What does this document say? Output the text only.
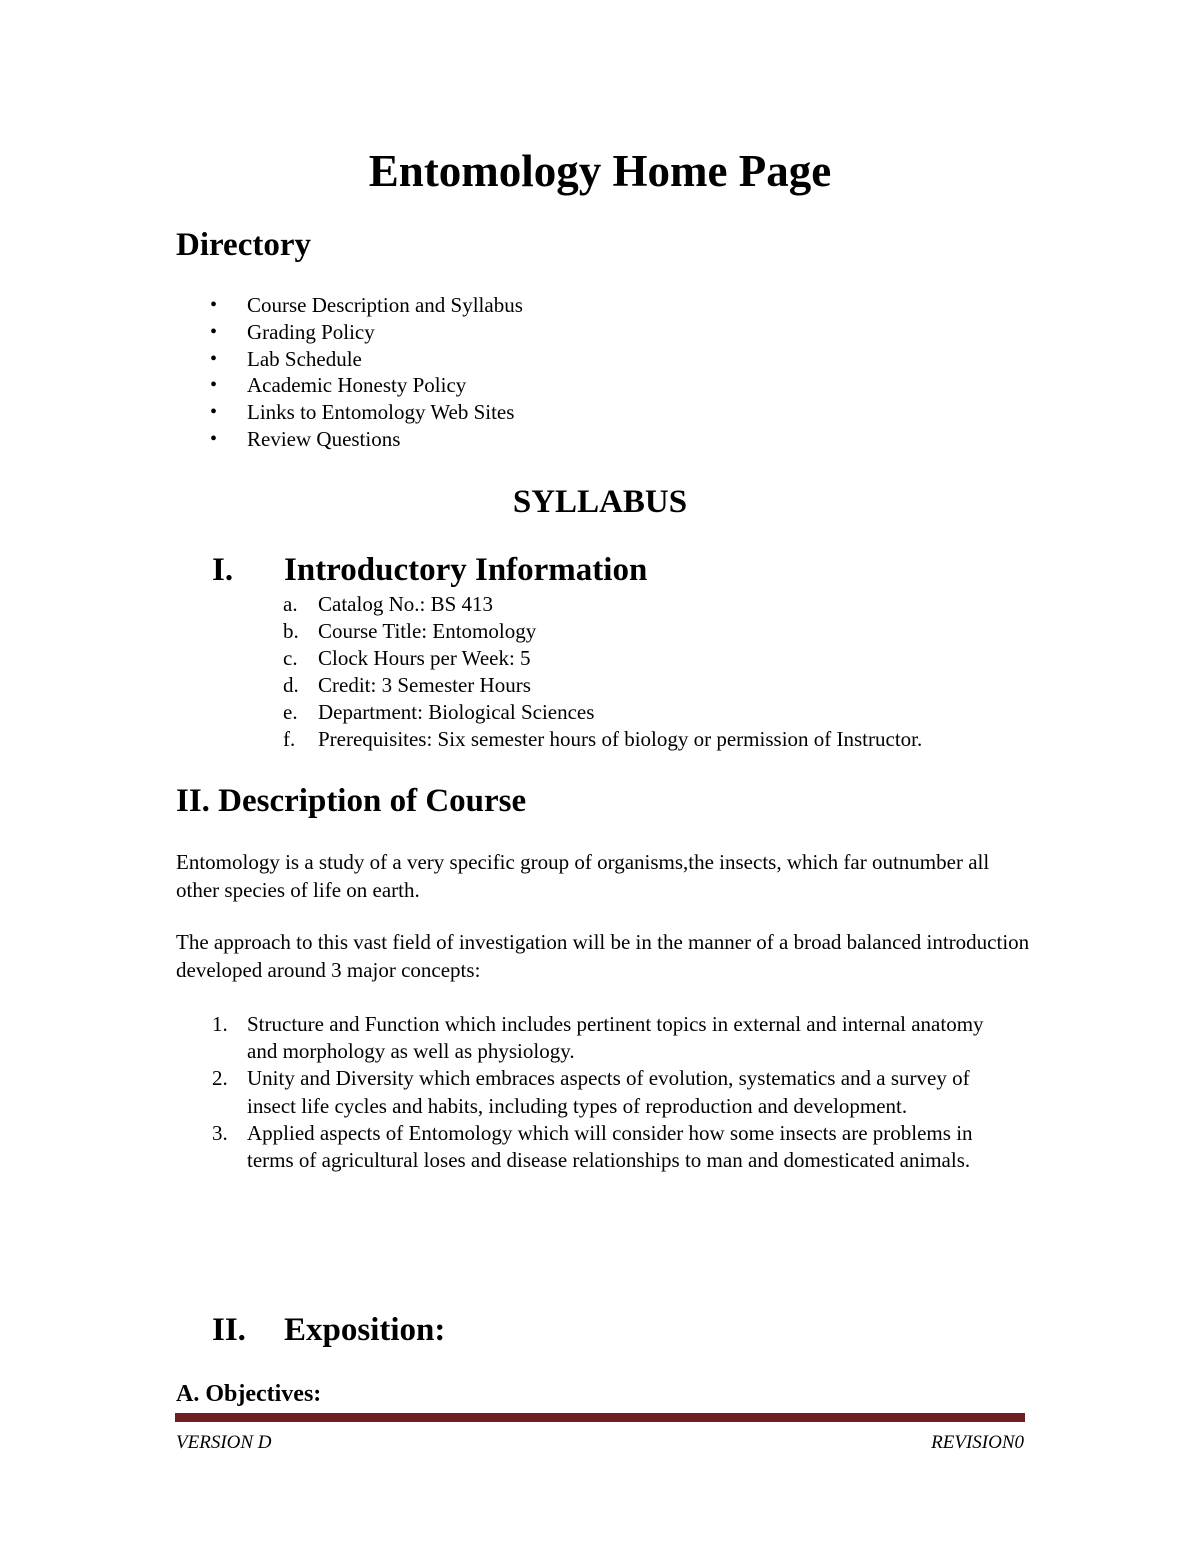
Entomology Home Page
Directory
• Course Description and Syllabus
• Grading Policy
• Lab Schedule
• Academic Honesty Policy
• Links to Entomology Web Sites
• Review Questions
SYLLABUS
I. Introductory Information
a. Catalog No.: BS 413
b. Course Title: Entomology
c. Clock Hours per Week: 5
d. Credit: 3 Semester Hours
e. Department: Biological Sciences
f. Prerequisites: Six semester hours of biology or permission of Instructor.
II. Description of Course

Entomology is a study of a very specific group of organisms,the insects, which far outnumber all other species of life on earth.

The approach to this vast field of investigation will be in the manner of a broad balanced introduction developed around 3 major concepts:

1. Structure and Function which includes pertinent topics in external and internal anatomy and morphology as well as physiology.
2. Unity and Diversity which embraces aspects of evolution, systematics and a survey of insect life cycles and habits, including types of reproduction and development.
3. Applied aspects of Entomology which will consider how some insects are problems in terms of agricultural loses and disease relationships to man and domesticated animals.
II. Exposition:
A. Objectives:
VERSION D	REVISION0
